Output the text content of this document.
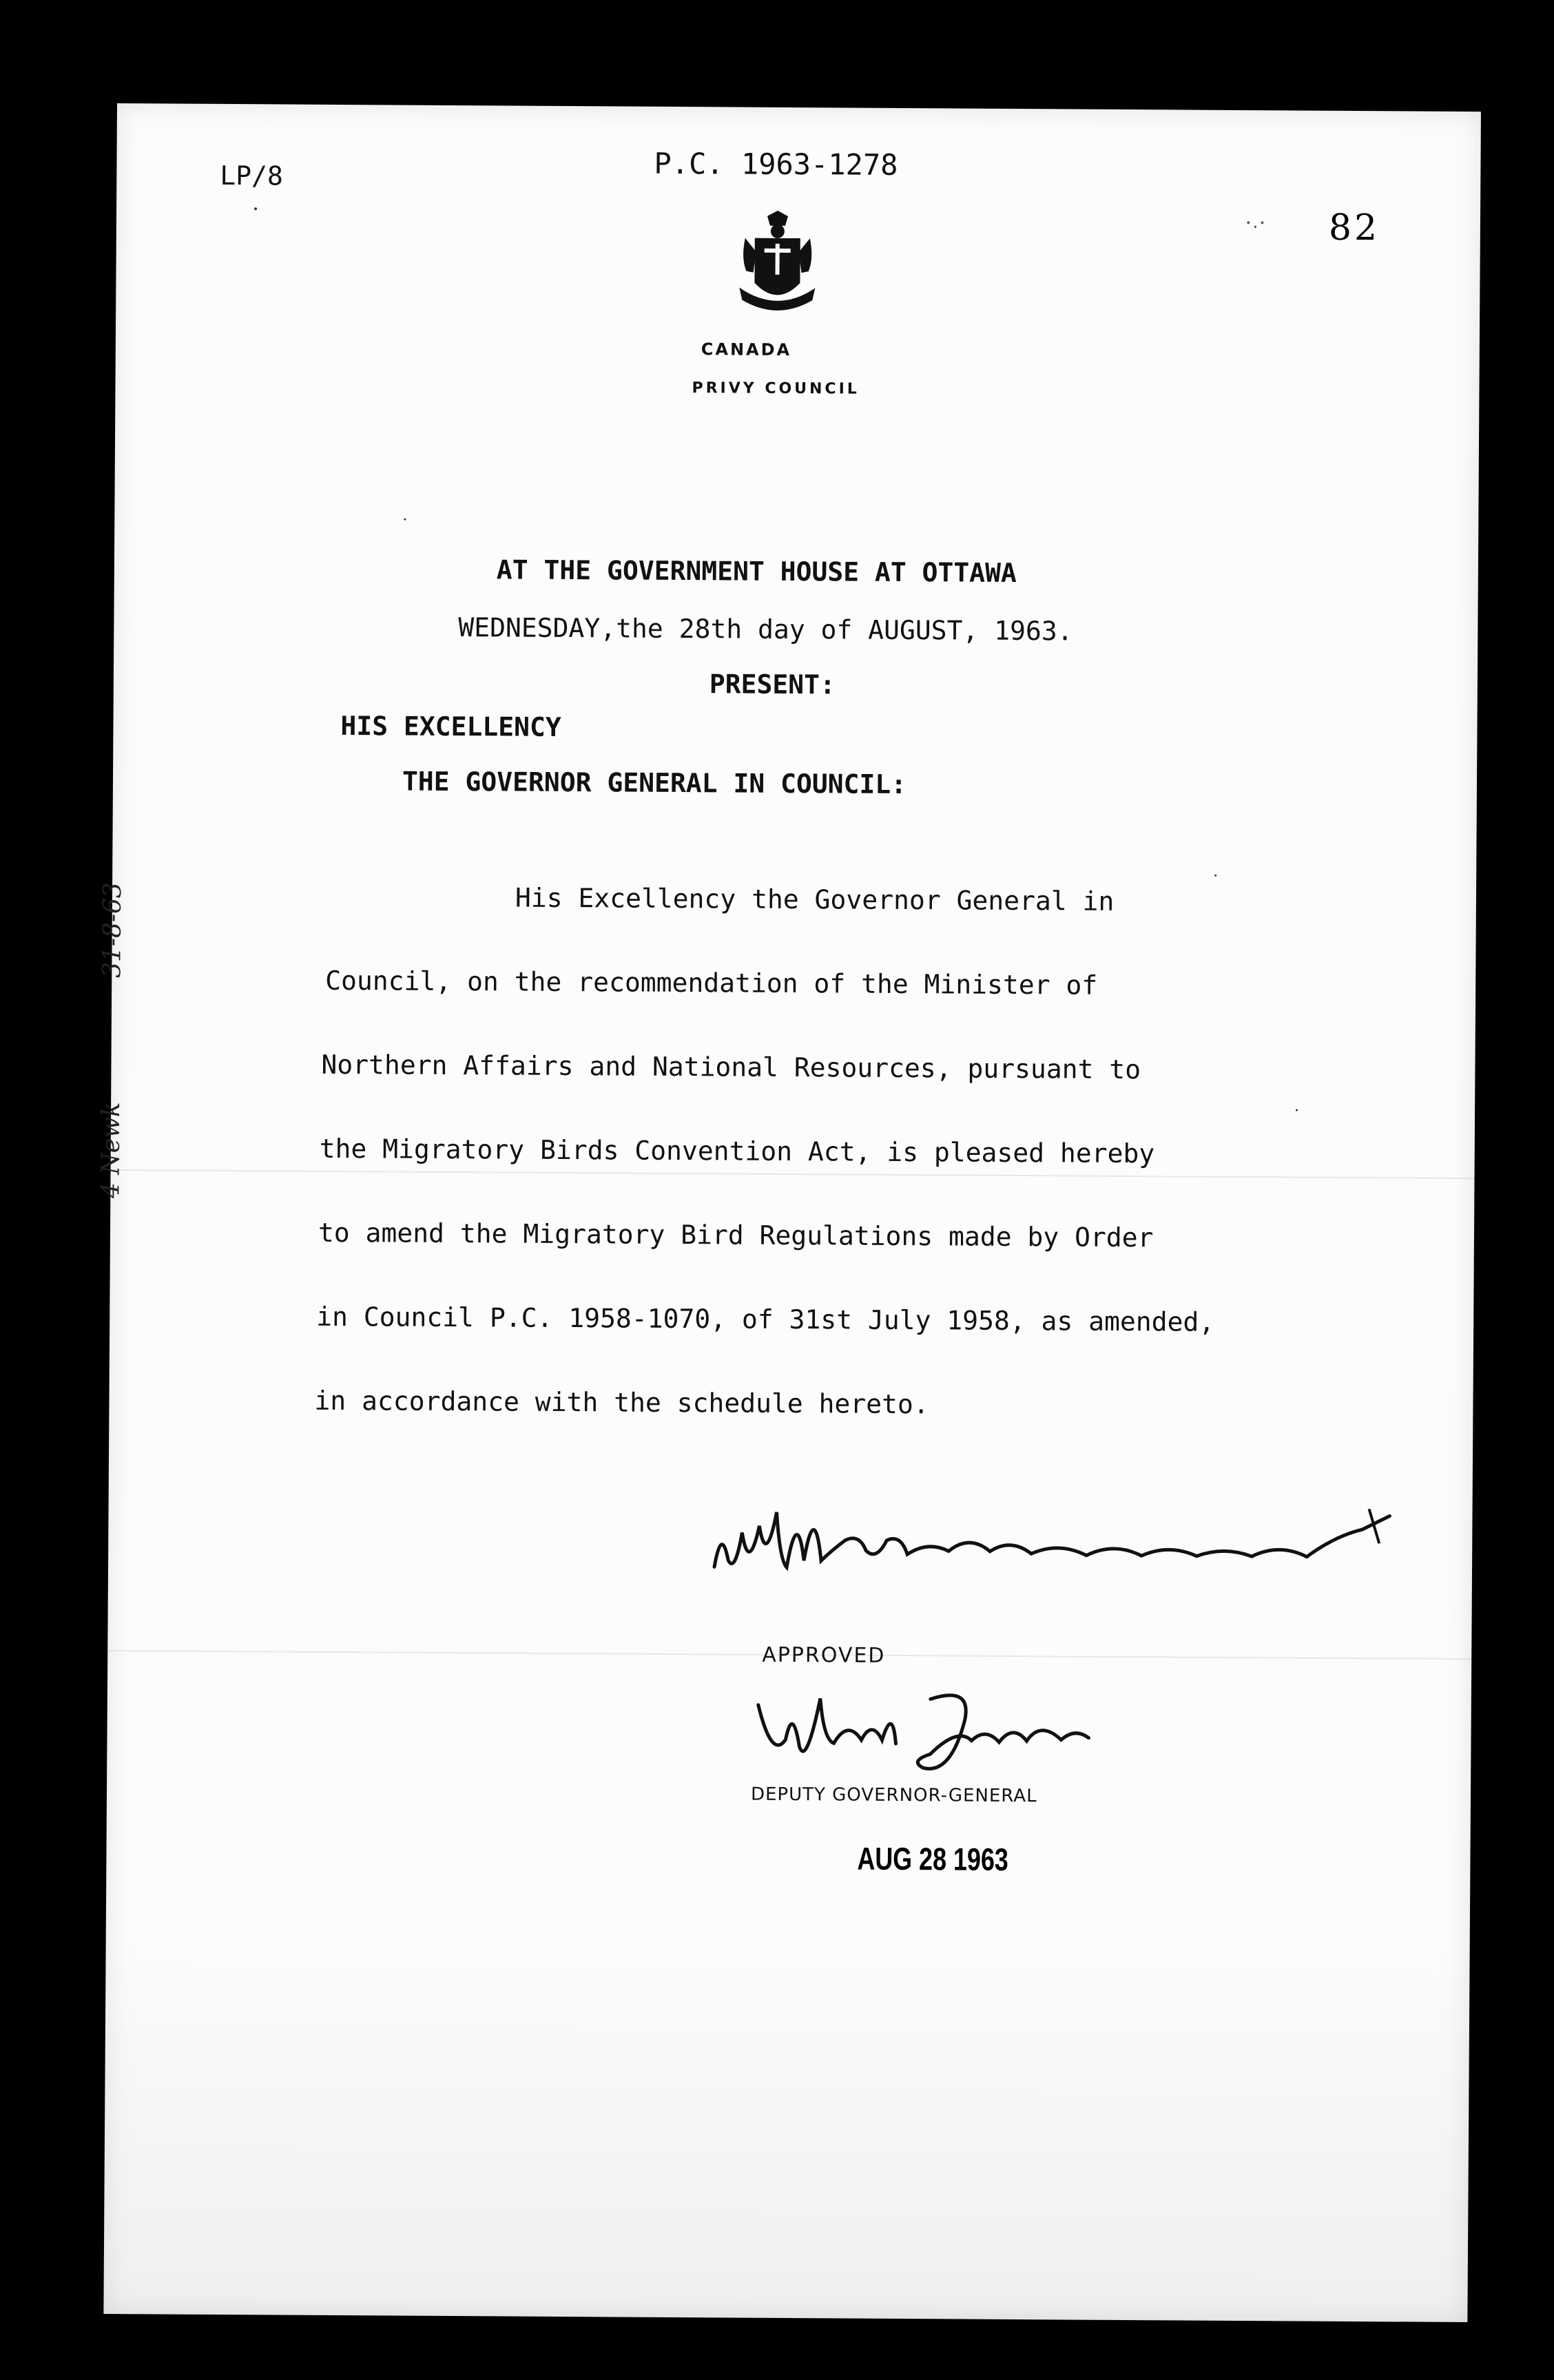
LP/8	P.C. 1963-1278
ꞏ.ꞏ 82
CANADA
PRIVY COUNCIL
AT THE GOVERNMENT HOUSE AT OTTAWA
WEDNESDAY,the 28th day of AUGUST, 1963.
PRESENT:
HIS EXCELLENCY
THE GOVERNOR GENERAL IN COUNCIL:
His Excellency the Governor General in
Council, on the recommendation of the Minister of
Northern Affairs and National Resources, pursuant to
the Migratory Birds Convention Act, is pleased hereby
to amend the Migratory Bird Regulations made by Order
in Council P.C. 1958-1070, of 31st July 1958, as amended,
in accordance with the schedule hereto.
4 Newk
31-8-63
APPROVED
DEPUTY GOVERNOR-GENERAL
AUG 28 1963
